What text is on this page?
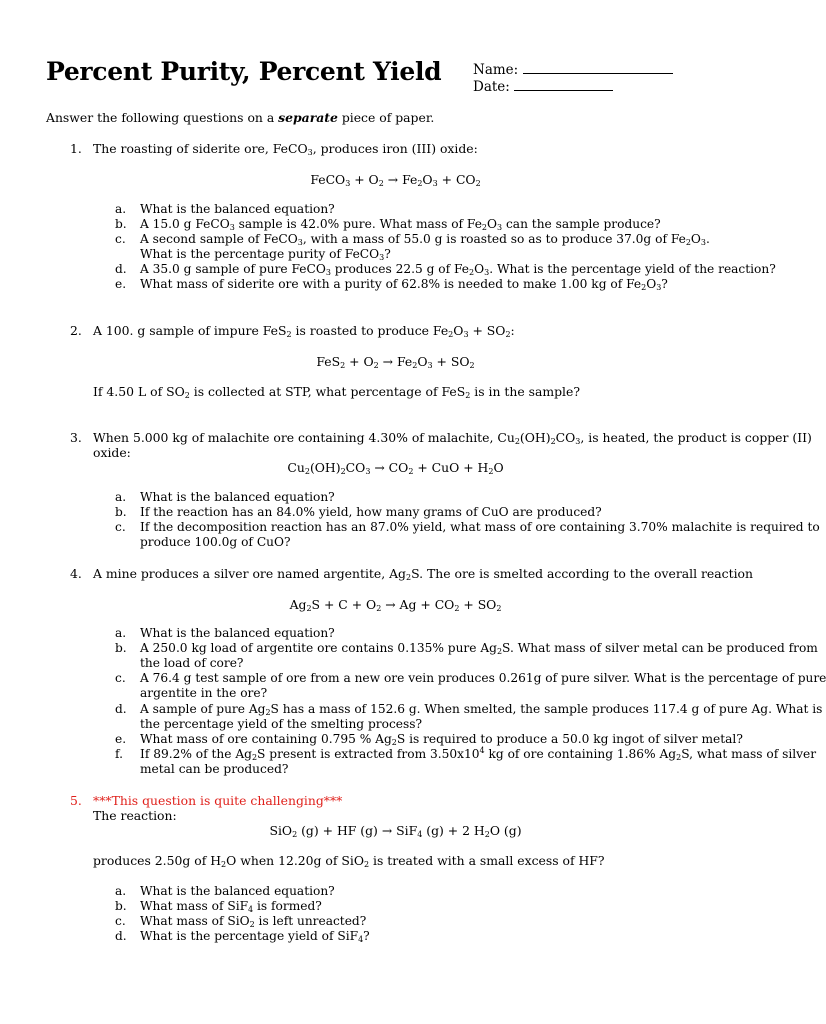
Percent Purity, Percent Yield Name:
Date:
Answer the following questions on a separate piece of paper.
1. The roasting of siderite ore, FeCO$_3$, produces iron (III) oxide:
FeCO$_3$ + $O_2 \to Fe_2O_3 + CO_2$
a. What is the balanced equation?
b. A 15.0 g FeCO$_3$ sample is 42.0% pure. What mass of $Fe_2O_3$ can the sample produce?
c. A second sample of FeCO$_3$, with a mass of 55.0 g is roasted so as to produce 37.0g of $Fe_2O_3$.
What is the percentage purity of FeCO$_3$?
d. A 35.0 g sample of pure FeCO$_3$ produces 22.5 g of $Fe_2O_3$. What is the percentage yield of the reaction?
e. What mass of siderite ore with a purity of 62.8% is needed to make 1.00 kg of $Fe_2O_3$?
2. A 100. g sample of impure FeS$_2$ is roasted to produce $Fe_2O_3 + SO_2$:
$FeS_2 + O_2 \to Fe_2O_3 + SO_2$
If 4.50 L of $SO_2$ is collected at STP, what percentage of FeS$_2$ is in the sample?
3. When 5.000 kg of malachite ore containing 4.30% of malachite, $Cu_2(OH)_2CO_3$, is heated, the product is copper (II)
oxide:
$Cu_2(OH)_2CO_3 \to CO_2$ + CuO + $H_2O$
a. What is the balanced equation?
b. If the reaction has an 84.0% yield, how many grams of CuO are produced?
c. If the decomposition reaction has an 87.0% yield, what mass of ore containing 3.70% malachite is required to
produce 100.0g of CuO?
4. A mine produces a silver ore named argentite, $Ag_2S$. The ore is smelted according to the overall reaction
$Ag_2S + C + O_2 \to Ag + CO_2 + SO_2$
a. What is the balanced equation?
b. A 250.0 kg load of argentite ore contains 0.135% pure $Ag_2S$. What mass of silver metal can be produced from
the load of core?
c. A 76.4 g test sample of ore from a new ore vein produces 0.261g of pure silver. What is the percentage of pure
argentite in the ore?
d. A sample of pure $Ag_2S$ has a mass of 152.6 g. When smelted, the sample produces 117.4 g of pure Ag. What is
the percentage yield of the smelting process?
e. What mass of ore containing 0.795 % $Ag_2S$ is required to produce a 50.0 kg ingot of silver metal?
f. If 89.2% of the $Ag_2S$ present is extracted from $3.50x10^4$ kg of ore containing 1.86% $Ag_2S$, what mass of silver
metal can be produced?
5. ***This question is quite challenging***
The reaction:
SiO$_2$ (g) + HF (g) → SiF$_4$ (g) + 2 $H_2O$ (g)
produces 2.50g of $H_2O$ when 12.20g of SiO$_2$ is treated with a small excess of HF?
a. What is the balanced equation?
b. What mass of SiF$_4$ is formed?
c. What mass of SiO$_2$ is left unreacted?
d. What is the percentage yield of SiF$_4$?
